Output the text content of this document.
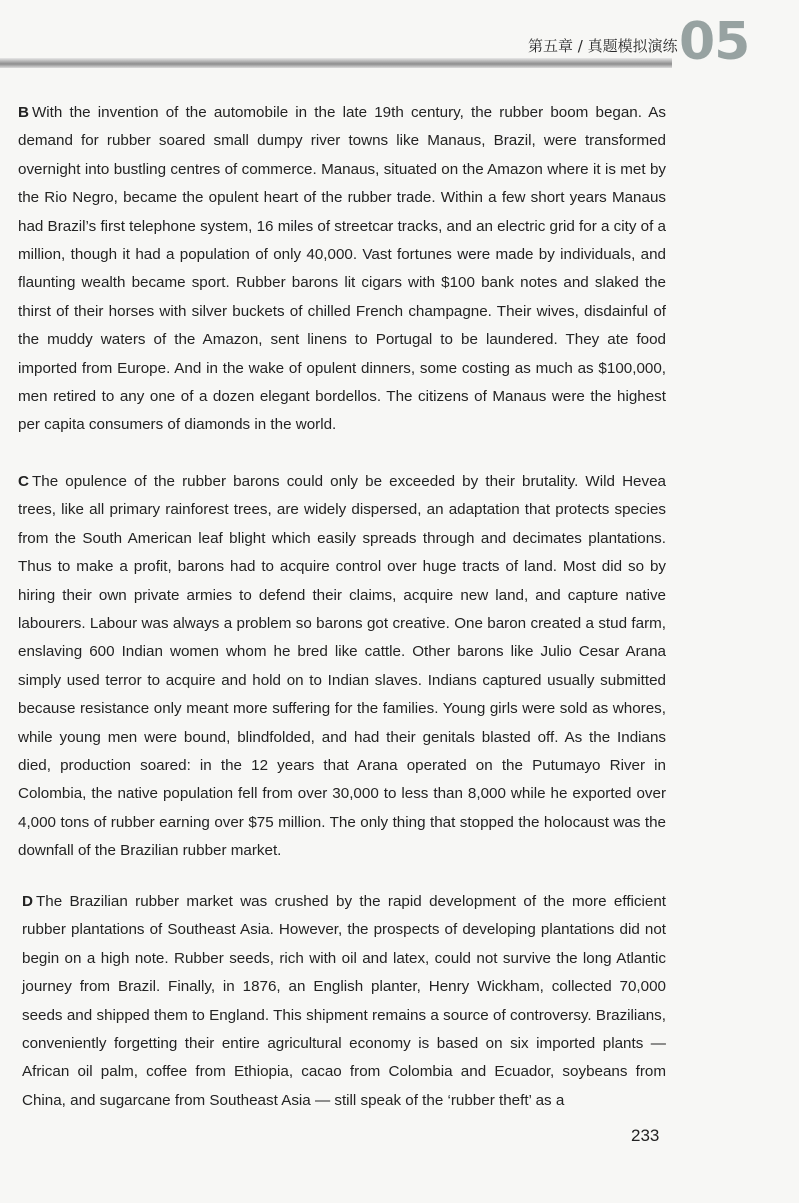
第五章 / 真题模拟演练 05
B With the invention of the automobile in the late 19th century, the rubber boom began. As demand for rubber soared small dumpy river towns like Manaus, Brazil, were transformed overnight into bustling centres of commerce. Manaus, situated on the Amazon where it is met by the Rio Negro, became the opulent heart of the rubber trade. Within a few short years Manaus had Brazil’s first telephone system, 16 miles of streetcar tracks, and an electric grid for a city of a million, though it had a population of only 40,000. Vast fortunes were made by individuals, and flaunting wealth became sport. Rubber barons lit cigars with $100 bank notes and slaked the thirst of their horses with silver buckets of chilled French champagne. Their wives, disdainful of the muddy waters of the Amazon, sent linens to Portugal to be laundered. They ate food imported from Europe. And in the wake of opulent dinners, some costing as much as $100,000, men retired to any one of a dozen elegant bordellos. The citizens of Manaus were the highest per capita consumers of diamonds in the world.
C The opulence of the rubber barons could only be exceeded by their brutality. Wild Hevea trees, like all primary rainforest trees, are widely dispersed, an adaptation that protects species from the South American leaf blight which easily spreads through and decimates plantations. Thus to make a profit, barons had to acquire control over huge tracts of land. Most did so by hiring their own private armies to defend their claims, acquire new land, and capture native labourers. Labour was always a problem so barons got creative. One baron created a stud farm, enslaving 600 Indian women whom he bred like cattle. Other barons like Julio Cesar Arana simply used terror to acquire and hold on to Indian slaves. Indians captured usually submitted because resistance only meant more suffering for the families. Young girls were sold as whores, while young men were bound, blindfolded, and had their genitals blasted off. As the Indians died, production soared: in the 12 years that Arana operated on the Putumayo River in Colombia, the native population fell from over 30,000 to less than 8,000 while he exported over 4,000 tons of rubber earning over $75 million. The only thing that stopped the holocaust was the downfall of the Brazilian rubber market.
D The Brazilian rubber market was crushed by the rapid development of the more efficient rubber plantations of Southeast Asia. However, the prospects of developing plantations did not begin on a high note. Rubber seeds, rich with oil and latex, could not survive the long Atlantic journey from Brazil. Finally, in 1876, an English planter, Henry Wickham, collected 70,000 seeds and shipped them to England. This shipment remains a source of controversy. Brazilians, conveniently forgetting their entire agricultural economy is based on six imported plants — African oil palm, coffee from Ethiopia, cacao from Colombia and Ecuador, soybeans from China, and sugarcane from Southeast Asia — still speak of the ‘rubber theft’ as a
233
